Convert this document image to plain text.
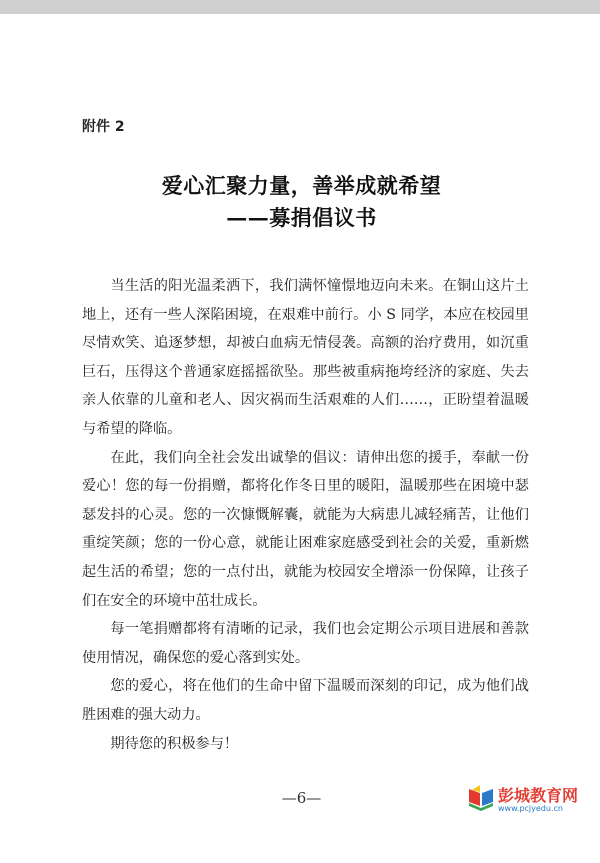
附件 2
爱心汇聚力量，善举成就希望
——募捐倡议书

当生活的阳光温柔洒下，我们满怀憧憬地迈向未来。在铜山这片土地上，还有一些人深陷困境，在艰难中前行。小 S 同学，本应在校园里尽情欢笑、追逐梦想，却被白血病无情侵袭。高额的治疗费用，如沉重巨石，压得这个普通家庭摇摇欲坠。那些被重病拖垮经济的家庭、失去亲人依靠的儿童和老人、因灾祸而生活艰难的人们……，正盼望着温暖与希望的降临。

在此，我们向全社会发出诚挚的倡议：请伸出您的援手，奉献一份爱心！您的每一份捐赠，都将化作冬日里的暖阳，温暖那些在困境中瑟瑟发抖的心灵。您的一次慷慨解囊，就能为大病患儿减轻痛苦，让他们重绽笑颜；您的一份心意，就能让困难家庭感受到社会的关爱，重新燃起生活的希望；您的一点付出，就能为校园安全增添一份保障，让孩子们在安全的环境中茁壮成长。

每一笔捐赠都将有清晰的记录，我们也会定期公示项目进展和善款使用情况，确保您的爱心落到实处。

您的爱心，将在他们的生命中留下温暖而深刻的印记，成为他们战胜困难的强大动力。

期待您的积极参与！

—6—	彭城教育网
www.pcjyedu.cn
